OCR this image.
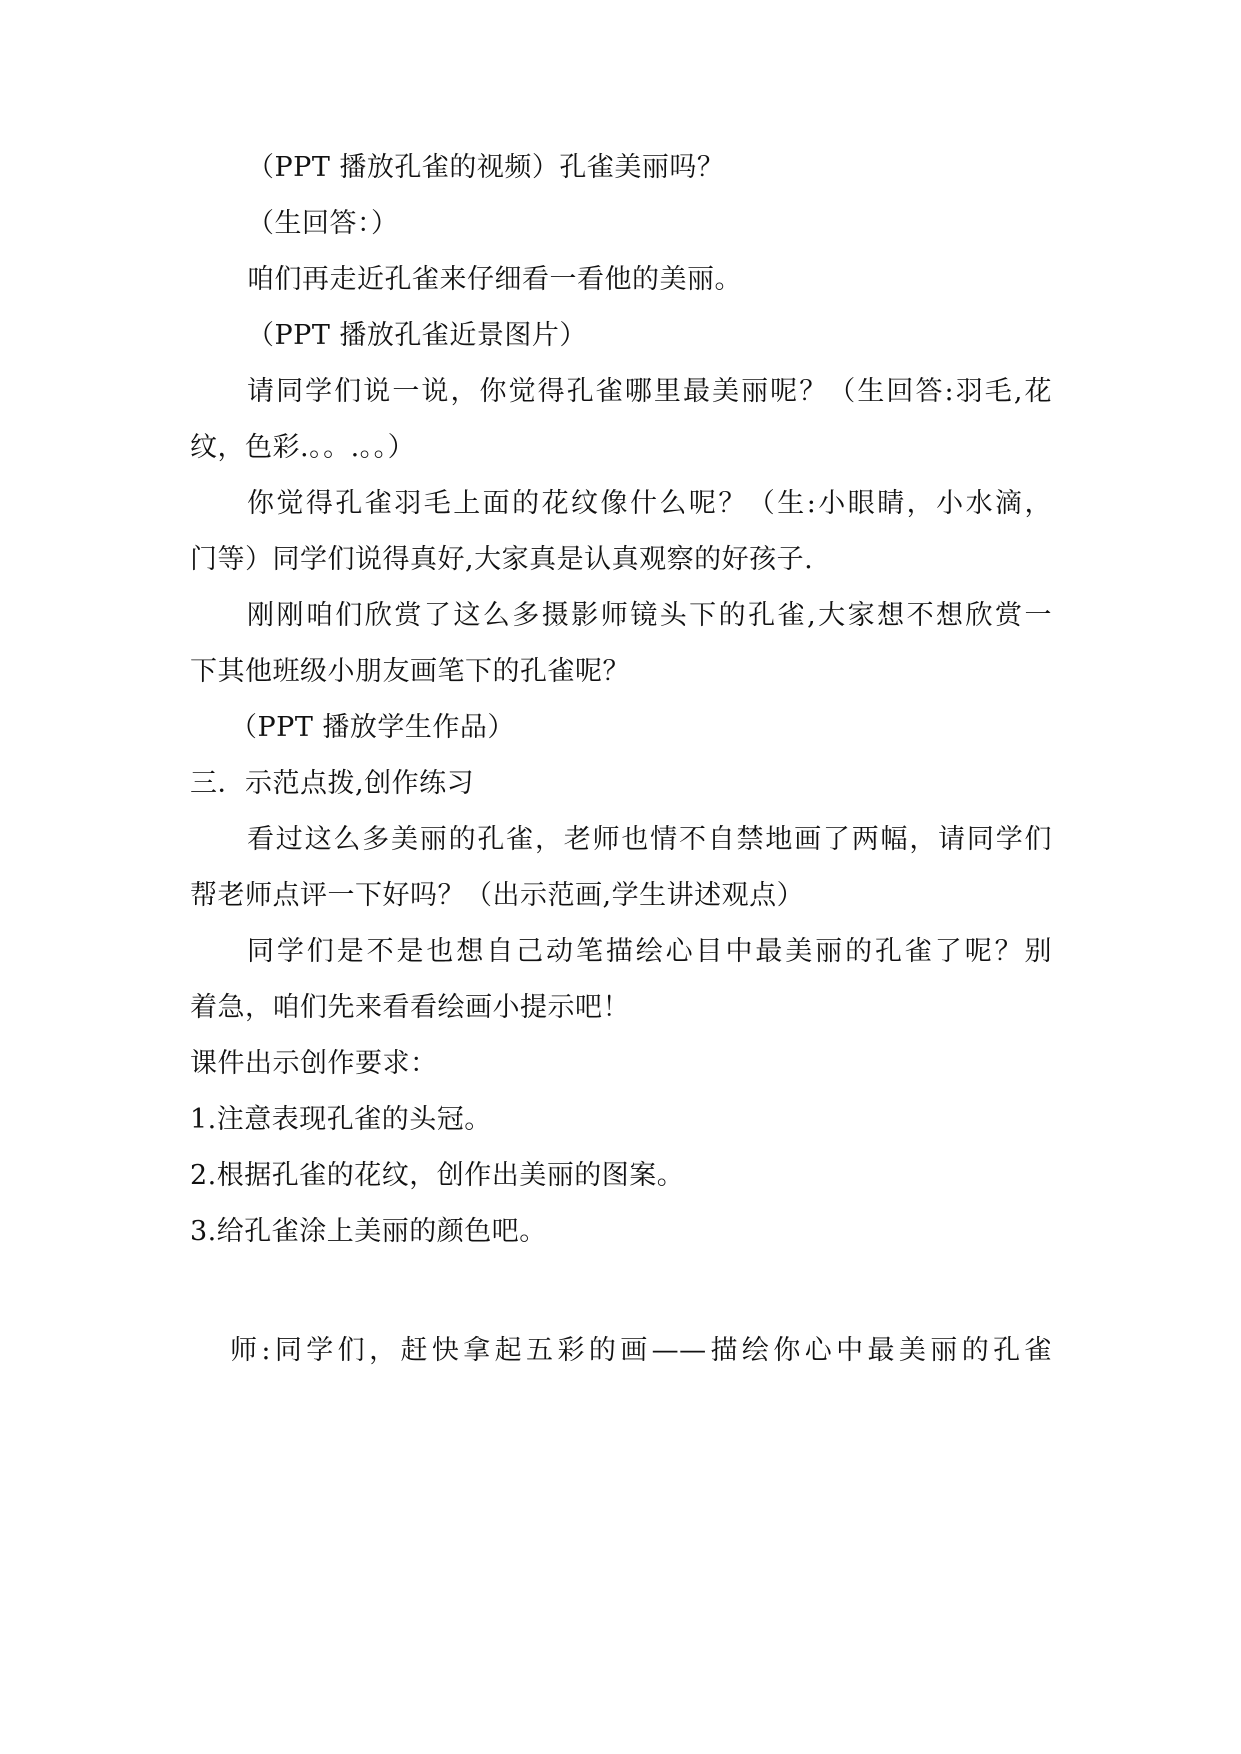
（PPT 播放孔雀的视频）孔雀美丽吗？
（生回答：）
咱们再走近孔雀来仔细看一看他的美丽。
（PPT 播放孔雀近景图片）
请同学们说一说，你觉得孔雀哪里最美丽呢？（生回答:羽毛,花
纹，色彩.。。.。。）
你觉得孔雀羽毛上面的花纹像什么呢？（生:小眼睛，小水滴，
门等）同学们说得真好,大家真是认真观察的好孩子.
刚刚咱们欣赏了这么多摄影师镜头下的孔雀,大家想不想欣赏一
下其他班级小朋友画笔下的孔雀呢？
（PPT 播放学生作品）
三．示范点拨,创作练习
看过这么多美丽的孔雀，老师也情不自禁地画了两幅，请同学们
帮老师点评一下好吗？（出示范画,学生讲述观点）
同学们是不是也想自己动笔描绘心目中最美丽的孔雀了呢？别
着急，咱们先来看看绘画小提示吧！
课件出示创作要求：
1.注意表现孔雀的头冠。
2.根据孔雀的花纹，创作出美丽的图案。
3.给孔雀涂上美丽的颜色吧。
师:同学们，赶快拿起五彩的画——描绘你心中最美丽的孔雀
